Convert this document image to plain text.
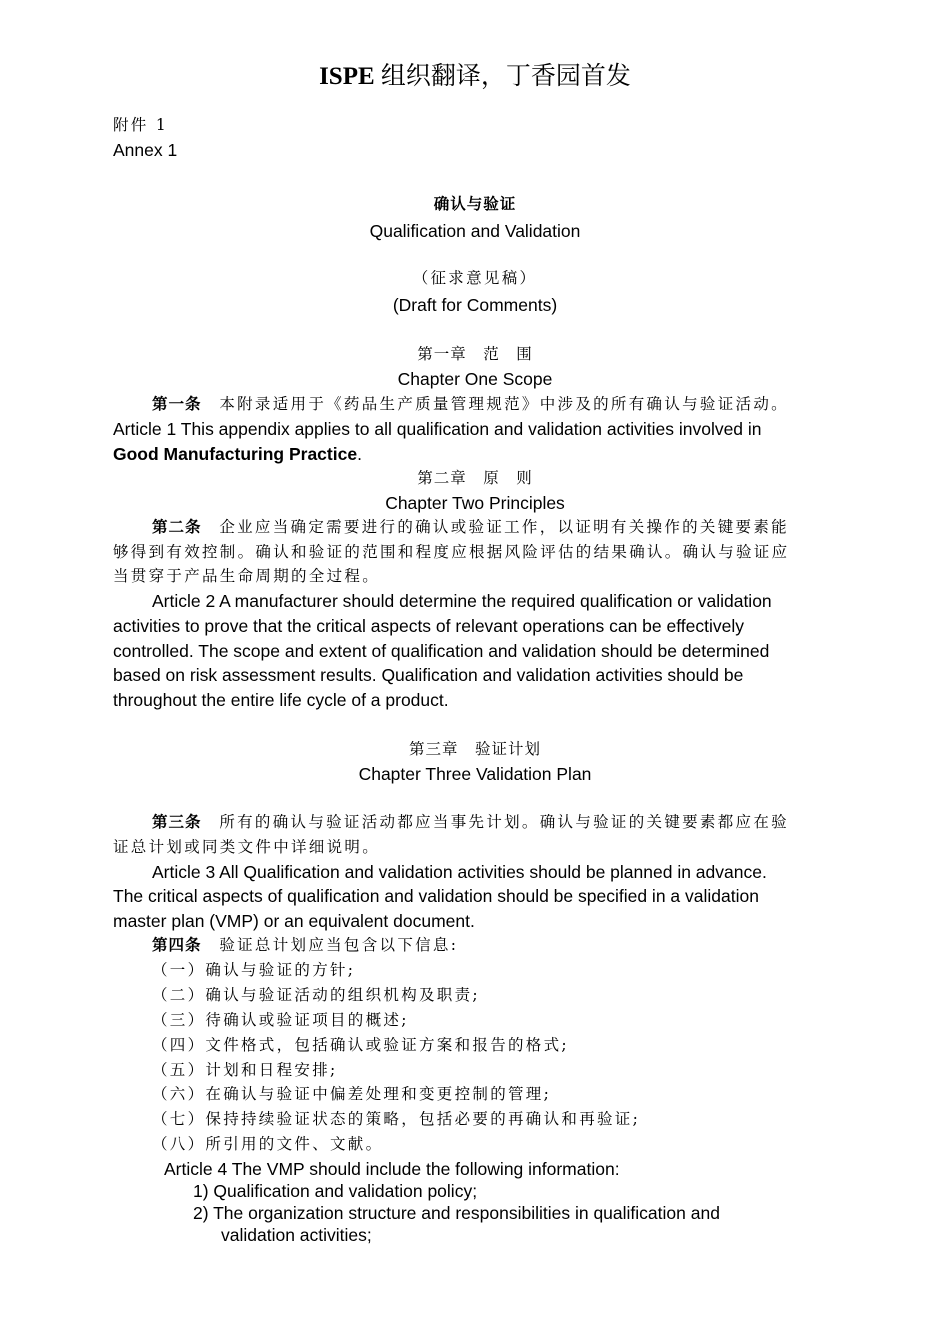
ISPE 组织翻译，丁香园首发
附件 1
Annex 1
确认与验证
Qualification and Validation
（征求意见稿）
(Draft for Comments)
第一章　范　围
Chapter One Scope
第一条　 本附录适用于《药品生产质量管理规范》中涉及的所有确认与验证活动。
Article 1 This appendix applies to all qualification and validation activities involved in
Good Manufacturing Practice.
第二章　原　则
Chapter Two Principles
第二条　 企业应当确定需要进行的确认或验证工作，以证明有关操作的关键要素能
够得到有效控制。确认和验证的范围和程度应根据风险评估的结果确认。确认与验证应
当贯穿于产品生命周期的全过程。
Article 2 A manufacturer should determine the required qualification or validation
activities to prove that the critical aspects of relevant operations can be effectively
controlled. The scope and extent of qualification and validation should be determined
based on risk assessment results. Qualification and validation activities should be
throughout the entire life cycle of a product.
第三章　验证计划
Chapter Three Validation Plan
第三条　 所有的确认与验证活动都应当事先计划。确认与验证的关键要素都应在验
证总计划或同类文件中详细说明。
Article 3 All Qualification and validation activities should be planned in advance.
The critical aspects of qualification and validation should be specified in a validation
master plan (VMP) or an equivalent document.
第四条　 验证总计划应当包含以下信息:
（一）确认与验证的方针;
（二）确认与验证活动的组织机构及职责;
（三）待确认或验证项目的概述;
（四）文件格式，包括确认或验证方案和报告的格式;
（五）计划和日程安排;
（六）在确认与验证中偏差处理和变更控制的管理;
（七）保持持续验证状态的策略，包括必要的再确认和再验证;
（八）所引用的文件、文献。
Article 4 The VMP should include the following information:
1) Qualification and validation policy;
2) The organization structure and responsibilities in qualification and
validation activities;
